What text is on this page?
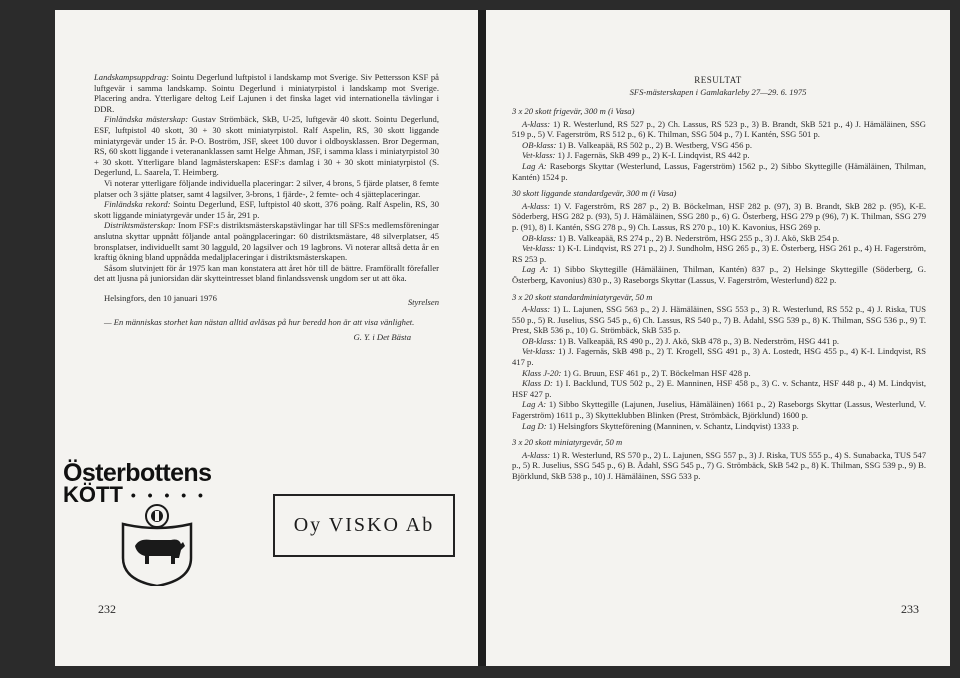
Landskampsuppdrag: Sointu Degerlund luftpistol i landskamp mot Sverige. Siv Pettersson KSF på luftgevär i samma landskamp. Sointu Degerlund i miniatyrpistol i landskamp mot Sverige. Placering andra. Ytterligare deltog Leif Lajunen i det finska laget vid internationella tävlingar i DDR.

Finländska mästerskap: Gustav Strömbäck, SkB, U-25, luftgevär 40 skott. Sointu Degerlund, ESF, luftpistol 40 skott, 30 + 30 skott miniatyrpistol. Ralf Aspelin, RS, 30 skott liggande miniatyrgevär under 15 år. P-O. Boström, JSF, skeet 100 duvor i oldboysklassen. Bror Degerman, RS, 60 skott liggande i veterananklassen samt Helge Åhman, JSF, i samma klass i miniatyrpistol 30 + 30 skott. Ytterligare bland lagmästerskapen: ESF:s damlag i 30 + 30 skott miniatyrpistol (S. Degerlund, L. Saarela, T. Heimberg.

Vi noterar ytterligare följande individuella placeringar: 2 silver, 4 brons, 5 fjärde platser, 8 femte platser och 3 sjätte platser, samt 4 lagsilver, 3-brons, 1 fjärde-, 2 femte- och 4 sjätteplaceringar.

Finländska rekord: Sointu Degerlund, ESF, luftpistol 40 skott, 376 poäng. Ralf Aspelin, RS, 30 skott liggande miniatyrgevär under 15 år, 291 p.

Distriktsmästerskap: Inom FSF:s distriktsmästerskapstävlingar har till SFS:s medlemsföreningar anslutna skyttar uppnått följande antal poängplaceringar: 60 distriktsmästare, 48 silverplatser, 45 bronsplatser, individuellt samt 30 lagguld, 20 lagsilver och 19 lagbrons. Vi noterar alltså detta år en kraftig ökning bland uppnådda medaljplaceringar i distriktsmästerskapen.

Såsom slutvinjett för år 1975 kan man konstatera att året hör till de bättre. Framförallt förefaller det att ljusna på juniorsidan där skytteintresset bland finlandssvensk ungdom ser ut att öka.

Helsingfors, den 10 januari 1976	Styrelsen

— En människas storhet kan nästan alltid avläsas på hur beredd hon är att visa vänlighet.

G. Y. i Det Bästa

Österbottens
KÖTT • • • • •
Oy VISKO Ab
232
RESULTAT
SFS-mästerskapen i Gamlakarleby 27—29. 6. 1975

3 x 20 skott frigevär, 300 m (i Vasa)

A-klass: 1) R. Westerlund, RS 527 p., 2) Ch. Lassus, RS 523 p., 3) B. Brandt, SkB 521 p., 4) J. Hämäläinen, SSG 519 p., 5) V. Fagerström, RS 512 p., 6) K. Thilman, SSG 504 p., 7) I. Kantén, SSG 501 p.

OB-klass: 1) B. Valkeapää, RS 502 p., 2) B. Westberg, VSG 456 p.

Vet-klass: 1) J. Fagernäs, SkB 499 p., 2) K-I. Lindqvist, RS 442 p.

Lag A: Raseborgs Skyttar (Westerlund, Lassus, Fagerström) 1562 p., 2) Sibbo Skyttegille (Hämäläinen, Thilman, Kantén) 1524 p.

30 skott liggande standardgevär, 300 m (i Vasa)

A-klass: 1) V. Fagerström, RS 287 p., 2) B. Böckelman, HSF 282 p. (97), 3) B. Brandt, SkB 282 p. (95), K-E. Söderberg, HSG 282 p. (93), 5) J. Hämäläinen, SSG 280 p., 6) G. Österberg, HSG 279 p (96), 7) K. Thilman, SSG 279 p. (91), 8) I. Kantén, SSG 278 p., 9) Ch. Lassus, RS 270 p., 10) K. Kavonius, HSG 269 p.

OB-klass: 1) B. Valkeapää, RS 274 p., 2) B. Nederström, HSG 255 p., 3) J. Akö, SkB 254 p.

Vet-klass: 1) K-I. Lindqvist, RS 271 p., 2) J. Sundholm, HSG 265 p., 3) E. Österberg, HSG 261 p., 4) H. Fagerström, RS 253 p.

Lag A: 1) Sibbo Skyttegille (Hämäläinen, Thilman, Kantén) 837 p., 2) Helsinge Skyttegille (Söderberg, G. Österberg, Kavonius) 830 p., 3) Raseborgs Skyttar (Lassus, V. Fagerström, Westerlund) 822 p.

3 x 20 skott standardminiatyrgevär, 50 m

A-klass: 1) L. Lajunen, SSG 563 p., 2) J. Hämäläinen, SSG 553 p., 3) R. Westerlund, RS 552 p., 4) J. Riska, TUS 550 p., 5) R. Juselius, SSG 545 p., 6) Ch. Lassus, RS 540 p., 7) B. Ådahl, SSG 539 p., 8) K. Thilman, SSG 536 p., 9) T. Prest, SkB 536 p., 10) G. Strömbäck, SkB 535 p.

OB-klass: 1) B. Valkeapää, RS 490 p., 2) J. Akö, SkB 478 p., 3) B. Nederström, HSG 441 p.

Vet-klass: 1) J. Fagernäs, SkB 498 p., 2) T. Krogell, SSG 491 p., 3) A. Lostedt, HSG 455 p., 4) K-I. Lindqvist, RS 417 p.

Klass J-20: 1) G. Bruun, ESF 461 p., 2) T. Böckelman HSF 428 p.

Klass D: 1) I. Backlund, TUS 502 p., 2) E. Manninen, HSF 458 p., 3) C. v. Schantz, HSF 448 p., 4) M. Lindqvist, HSF 427 p.

Lag A: 1) Sibbo Skyttegille (Lajunen, Juselius, Hämäläinen) 1661 p., 2) Raseborgs Skyttar (Lassus, Westerlund, V. Fagerström) 1611 p., 3) Skytteklubben Blinken (Prest, Strömbäck, Björklund) 1600 p.

Lag D: 1) Helsingfors Skytteförening (Manninen, v. Schantz, Lindqvist) 1333 p.

3 x 20 skott miniatyrgevär, 50 m

A-klass: 1) R. Westerlund, RS 570 p., 2) L. Lajunen, SSG 557 p., 3) J. Riska, TUS 555 p., 4) S. Sunabacka, TUS 547 p., 5) R. Juselius, SSG 545 p., 6) B. Ådahl, SSG 545 p., 7) G. Strömbäck, SkB 542 p., 8) K. Thilman, SSG 539 p., 9) B. Björklund, SkB 538 p., 10) J. Hämäläinen, SSG 533 p.

233
